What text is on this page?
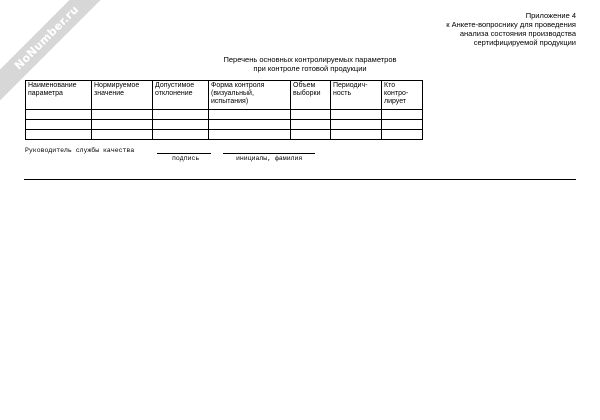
NoNumber.ru	Приложение 4
к Анкете-вопроснику для проведения
анализа состояния производства
сертифицируемой продукции
Перечень основных контролируемых параметров
при контроле готовой продукции
Наименование параметра	Нормируемое значение	Допустимое отклонение	Форма контроля (визуальный, испытания)	Объем выборки	Периодич-ность	Кто контро-лирует

Руководитель службы качества
подпись	инициалы, фамилия
